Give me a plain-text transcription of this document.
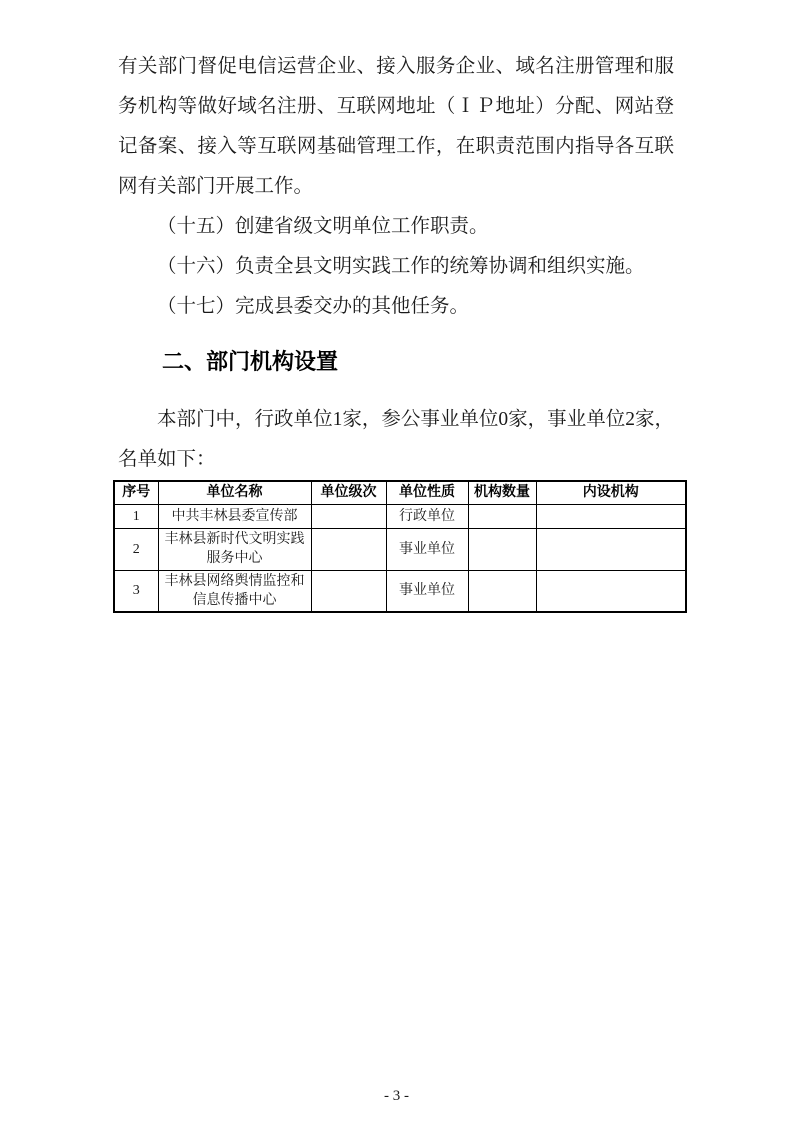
有关部门督促电信运营企业、接入服务企业、域名注册管理和服
务机构等做好域名注册、互联网地址（ＩＰ地址）分配、网站登
记备案、接入等互联网基础管理工作，在职责范围内指导各互联
网有关部门开展工作。
（十五）创建省级文明单位工作职责。
（十六）负责全县文明实践工作的统筹协调和组织实施。
（十七）完成县委交办的其他任务。
二、部门机构设置
本部门中，行政单位1家，参公事业单位0家，事业单位2家，
名单如下：
序号	单位名称	单位级次	单位性质	机构数量	内设机构
1	中共丰林县委宣传部		行政单位		
2	丰林县新时代文明实践服务中心		事业单位		
3	丰林县网络舆情监控和信息传播中心		事业单位		
- 3 -
